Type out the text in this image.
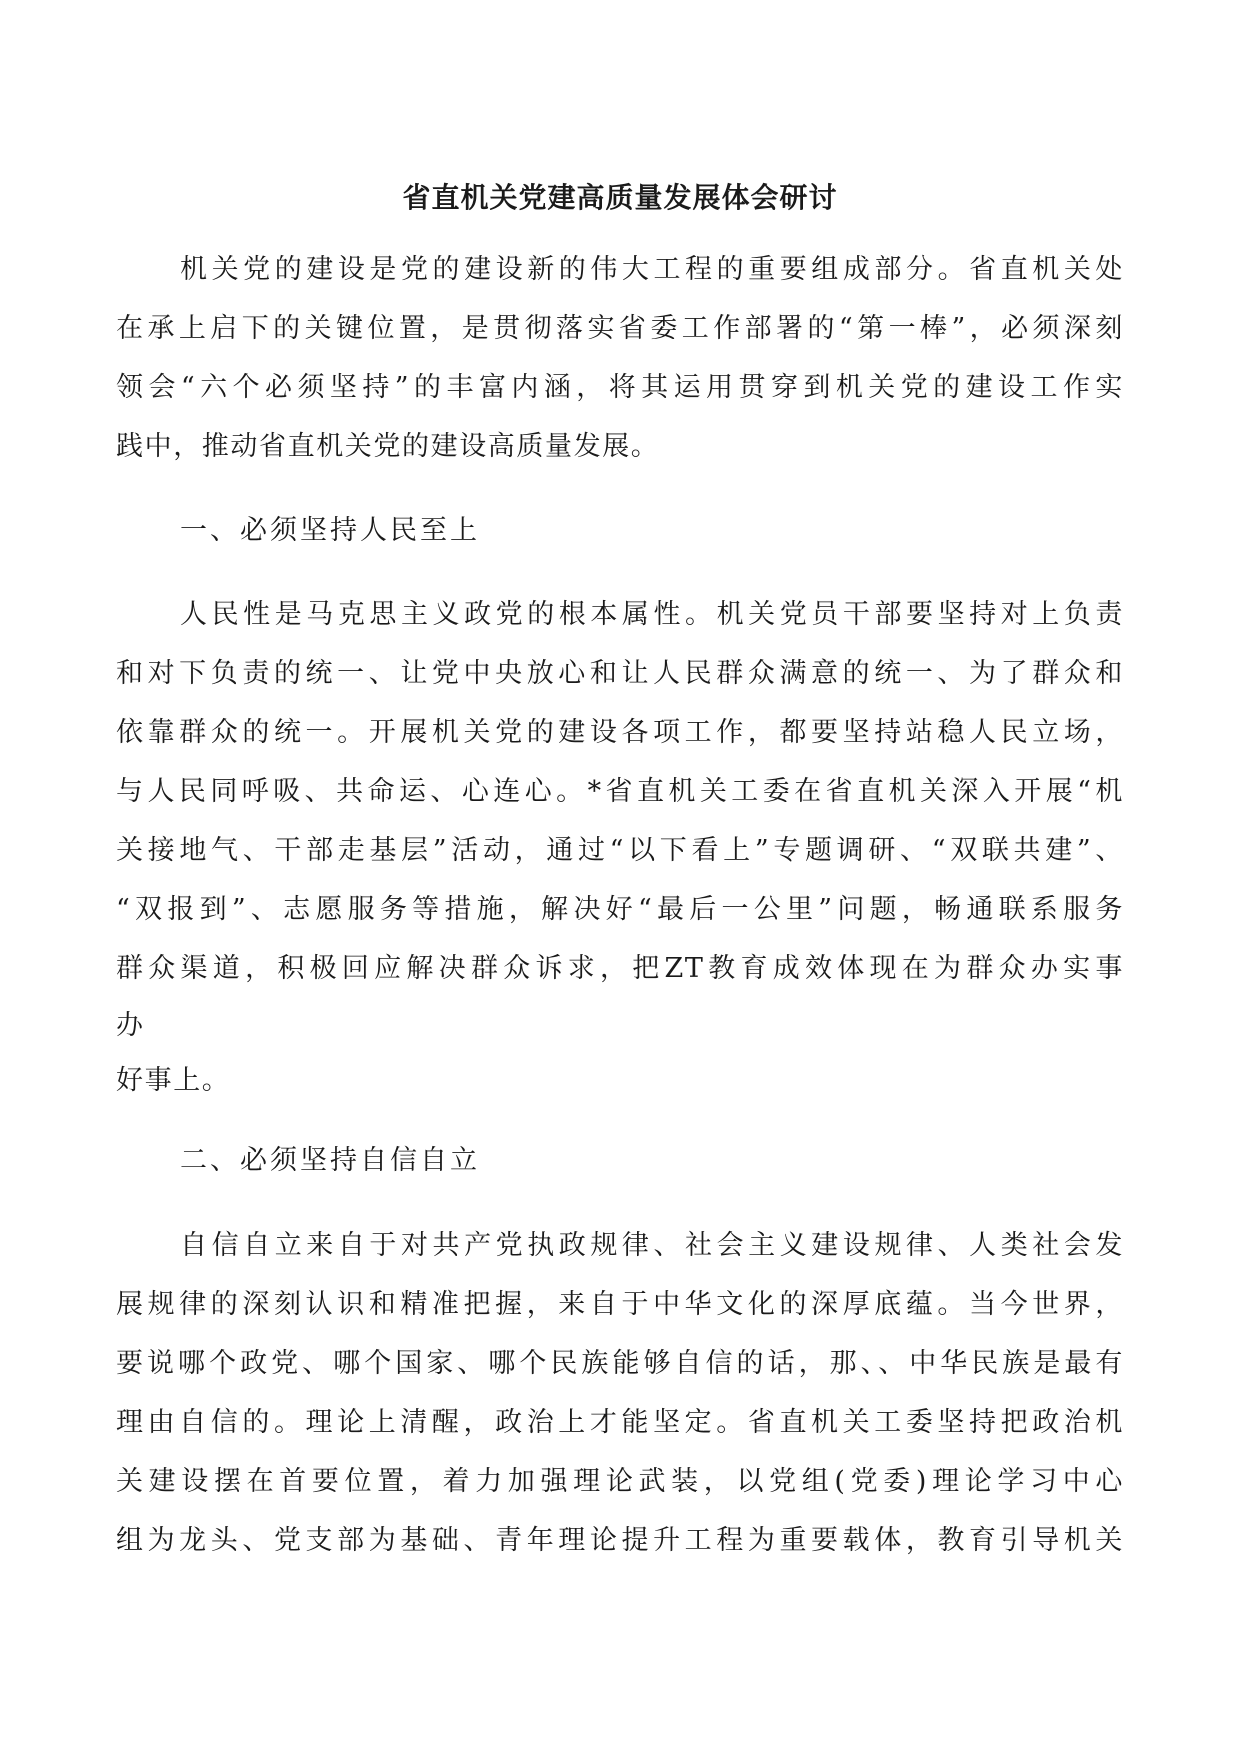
省直机关党建高质量发展体会研讨
机关党的建设是党的建设新的伟大工程的重要组成部分。省直机关处
在承上启下的关键位置，是贯彻落实省委工作部署的“第一棒”，必须深刻
领会“六个必须坚持”的丰富内涵，将其运用贯穿到机关党的建设工作实
践中，推动省直机关党的建设高质量发展。
一、必须坚持人民至上
人民性是马克思主义政党的根本属性。机关党员干部要坚持对上负责
和对下负责的统一、让党中央放心和让人民群众满意的统一、为了群众和
依靠群众的统一。开展机关党的建设各项工作，都要坚持站稳人民立场，
与人民同呼吸、共命运、心连心。*省直机关工委在省直机关深入开展“机
关接地气、干部走基层”活动，通过“以下看上”专题调研、“双联共建”、
“双报到”、志愿服务等措施，解决好“最后一公里”问题，畅通联系服务
群众渠道，积极回应解决群众诉求，把ZT教育成效体现在为群众办实事
办
好事上。
二、必须坚持自信自立
自信自立来自于对共产党执政规律、社会主义建设规律、人类社会发
展规律的深刻认识和精准把握，来自于中华文化的深厚底蕴。当今世界，
要说哪个政党、哪个国家、哪个民族能够自信的话，那、、中华民族是最有
理由自信的。理论上清醒，政治上才能坚定。省直机关工委坚持把政治机
关建设摆在首要位置，着力加强理论武装，以党组(党委)理论学习中心
组为龙头、党支部为基础、青年理论提升工程为重要载体，教育引导机关
